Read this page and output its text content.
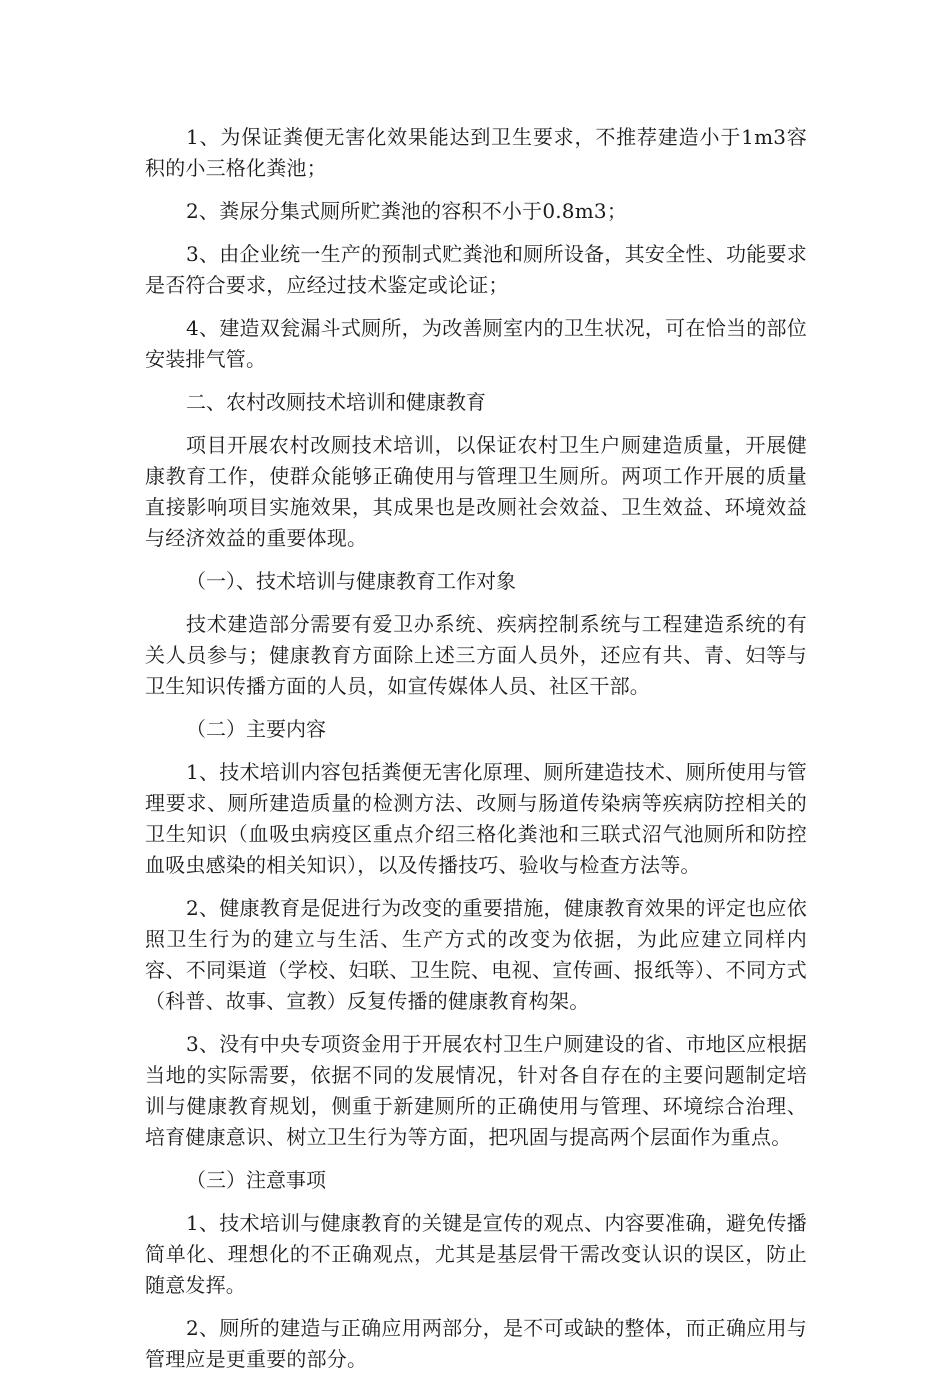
1、为保证粪便无害化效果能达到卫生要求，不推荐建造小于1m3容积的小三格化粪池；

2、粪尿分集式厕所贮粪池的容积不小于0.8m3；

3、由企业统一生产的预制式贮粪池和厕所设备，其安全性、功能要求是否符合要求，应经过技术鉴定或论证；

4、建造双瓮漏斗式厕所，为改善厕室内的卫生状况，可在恰当的部位安装排气管。

二、农村改厕技术培训和健康教育

项目开展农村改厕技术培训，以保证农村卫生户厕建造质量，开展健康教育工作，使群众能够正确使用与管理卫生厕所。两项工作开展的质量直接影响项目实施效果，其成果也是改厕社会效益、卫生效益、环境效益与经济效益的重要体现。

（一）、技术培训与健康教育工作对象

技术建造部分需要有爱卫办系统、疾病控制系统与工程建造系统的有关人员参与；健康教育方面除上述三方面人员外，还应有共、青、妇等与卫生知识传播方面的人员，如宣传媒体人员、社区干部。

（二）主要内容

1、技术培训内容包括粪便无害化原理、厕所建造技术、厕所使用与管理要求、厕所建造质量的检测方法、改厕与肠道传染病等疾病防控相关的卫生知识（血吸虫病疫区重点介绍三格化粪池和三联式沼气池厕所和防控血吸虫感染的相关知识），以及传播技巧、验收与检查方法等。

2、健康教育是促进行为改变的重要措施，健康教育效果的评定也应依照卫生行为的建立与生活、生产方式的改变为依据，为此应建立同样内容、不同渠道（学校、妇联、卫生院、电视、宣传画、报纸等）、不同方式（科普、故事、宣教）反复传播的健康教育构架。

3、没有中央专项资金用于开展农村卫生户厕建设的省、市地区应根据当地的实际需要，依据不同的发展情况，针对各自存在的主要问题制定培训与健康教育规划，侧重于新建厕所的正确使用与管理、环境综合治理、培育健康意识、树立卫生行为等方面，把巩固与提高两个层面作为重点。

（三）注意事项

1、技术培训与健康教育的关键是宣传的观点、内容要准确，避免传播简单化、理想化的不正确观点，尤其是基层骨干需改变认识的误区，防止随意发挥。

2、厕所的建造与正确应用两部分，是不可或缺的整体，而正确应用与管理应是更重要的部分。
